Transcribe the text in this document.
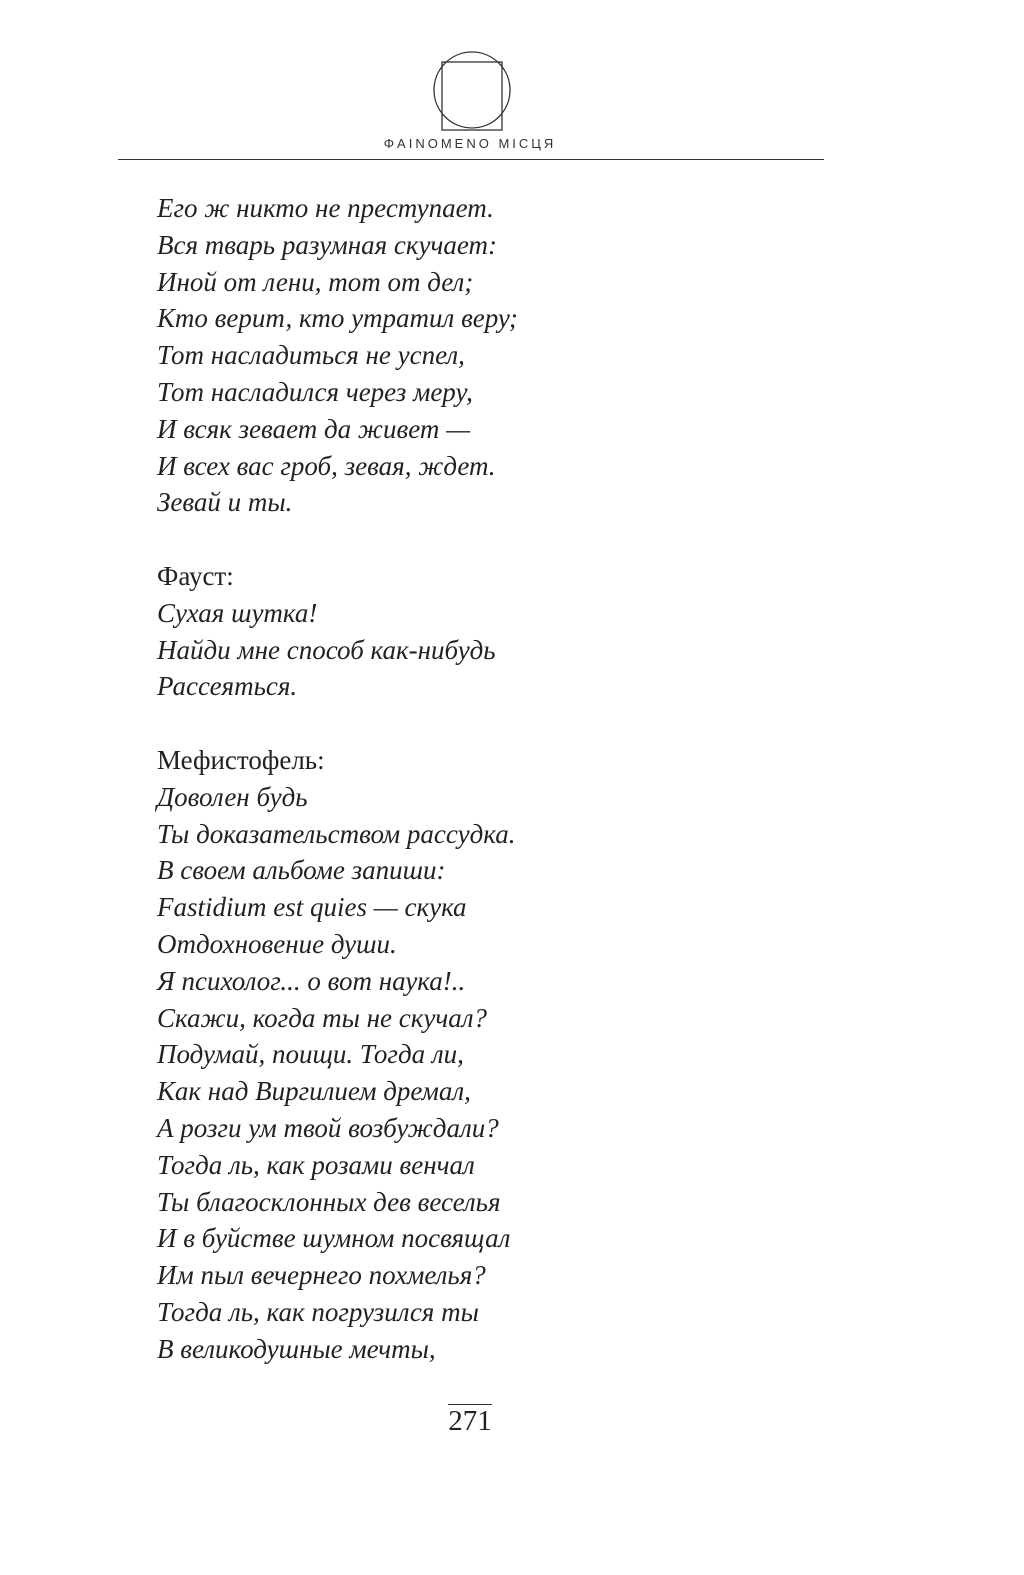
ΦAINOMENO МІСЦЯ
Его ж никто не преступает.
Вся тварь разумная скучает:
Иной от лени, тот от дел;
Кто верит, кто утратил веру;
Тот насладиться не успел,
Тот насладился через меру,
И всяк зевает да живет —
И всех вас гроб, зевая, ждет.
Зевай и ты.
Фауст:
Сухая шутка!
Найди мне способ как-нибудь
Рассеяться.
Мефистофель:
Доволен будь
Ты доказательством рассудка.
В своем альбоме запиши:
Fastidium est quies — скука
Отдохновение души.
Я психолог... о вот наука!..
Скажи, когда ты не скучал?
Подумай, поищи. Тогда ли,
Как над Виргилием дремал,
А розги ум твой возбуждали?
Тогда ль, как розами венчал
Ты благосклонных дев веселья
И в буйстве шумном посвящал
Им пыл вечернего похмелья?
Тогда ль, как погрузился ты
В великодушные мечты,
271
